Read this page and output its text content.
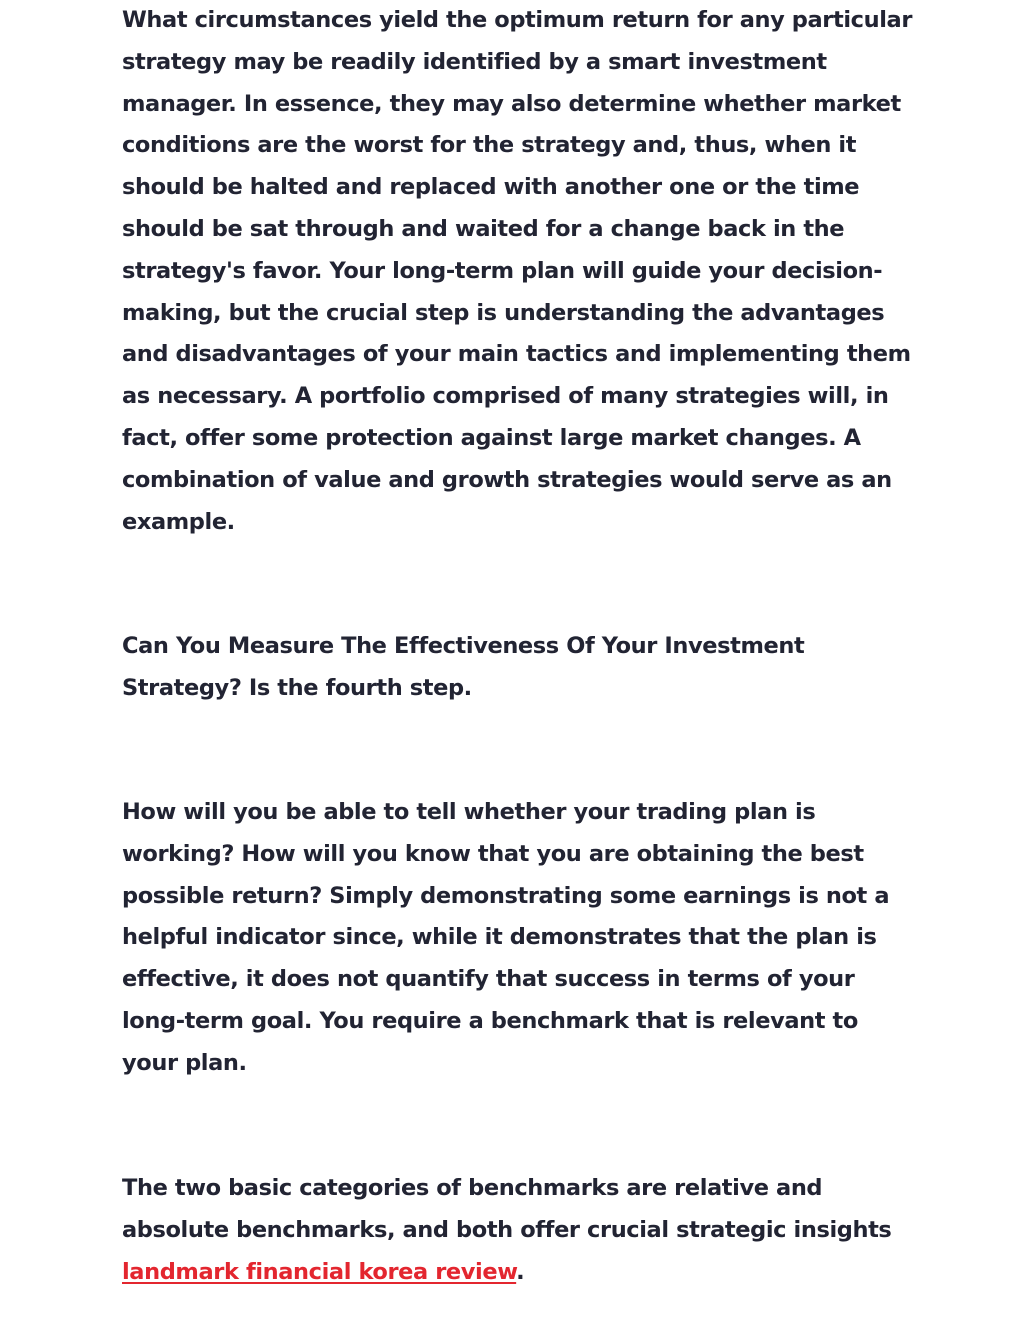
What circumstances yield the optimum return for any particular strategy may be readily identified by a smart investment manager. In essence, they may also determine whether market conditions are the worst for the strategy and, thus, when it should be halted and replaced with another one or the time should be sat through and waited for a change back in the strategy's favor. Your long-term plan will guide your decision-making, but the crucial step is understanding the advantages and disadvantages of your main tactics and implementing them as necessary. A portfolio comprised of many strategies will, in fact, offer some protection against large market changes. A combination of value and growth strategies would serve as an example.

Can You Measure The Effectiveness Of Your Investment Strategy? Is the fourth step.

How will you be able to tell whether your trading plan is working? How will you know that you are obtaining the best possible return? Simply demonstrating some earnings is not a helpful indicator since, while it demonstrates that the plan is effective, it does not quantify that success in terms of your long-term goal. You require a benchmark that is relevant to your plan.

The two basic categories of benchmarks are relative and absolute benchmarks, and both offer crucial strategic insights landmark financial korea review.
